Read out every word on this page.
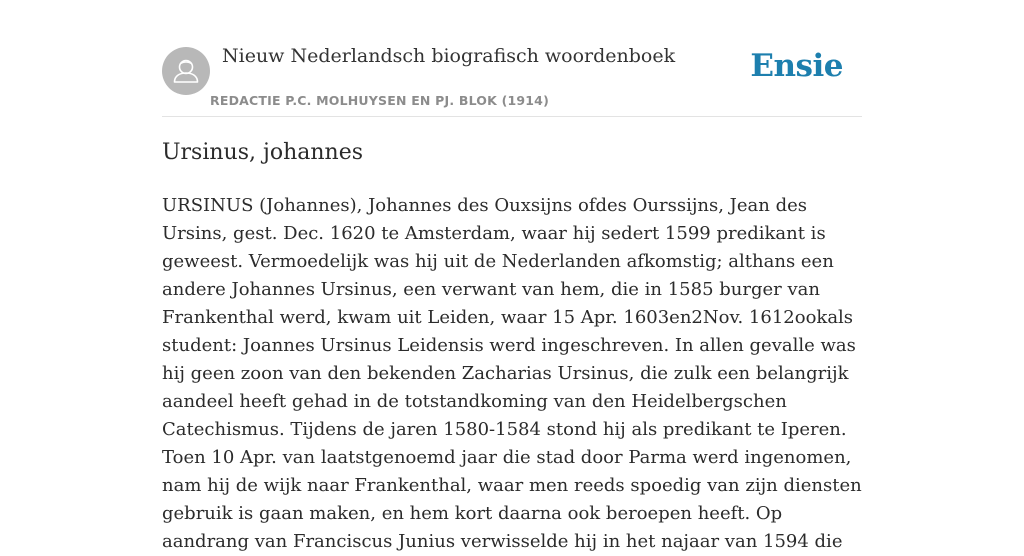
Nieuw Nederlandsch biografisch woordenboek
REDACTIE P.C. MOLHUYSEN EN PJ. BLOK (1914)
Ensie
Ursinus, johannes

URSINUS (Johannes), Johannes des Ouxsijns ofdes Ourssijns, Jean des Ursins, gest. Dec. 1620 te Amsterdam, waar hij sedert 1599 predikant is geweest. Vermoedelijk was hij uit de Nederlanden afkomstig; althans een andere Johannes Ursinus, een verwant van hem, die in 1585 burger van Frankenthal werd, kwam uit Leiden, waar 15 Apr. 1603en2Nov. 1612ookals student: Joannes Ursinus Leidensis werd ingeschreven. In allen gevalle was hij geen zoon van den bekenden Zacharias Ursinus, die zulk een belangrijk aandeel heeft gehad in de totstandkoming van den Heidelbergschen Catechismus. Tijdens de jaren 1580-1584 stond hij als predikant te Iperen. Toen 10 Apr. van laatstgenoemd jaar die stad door Parma werd ingenomen, nam hij de wijk naar Frankenthal, waar men reeds spoedig van zijn diensten gebruik is gaan maken, en hem kort daarna ook beroepen heeft. Op aandrang van Franciscus Junius verwisselde hij in het najaar van 1594 die
